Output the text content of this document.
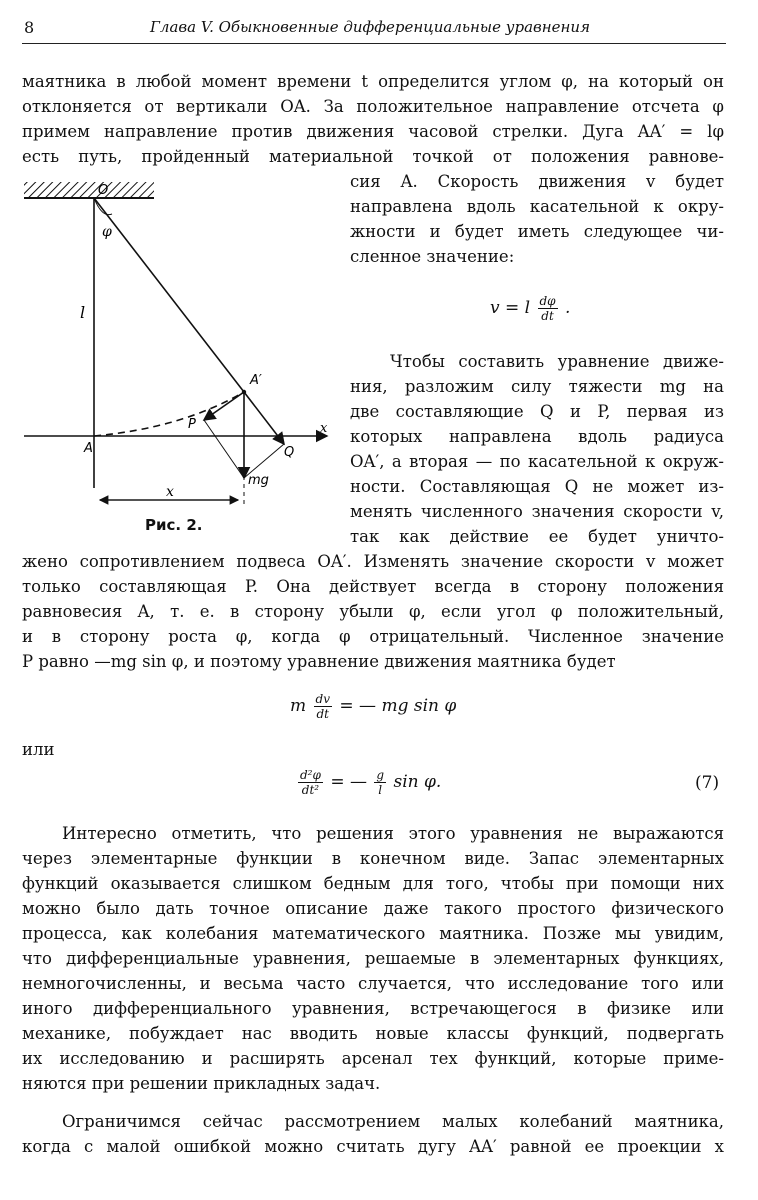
8	Глава V. Обыкновенные дифференциальные уравнения
маятника в любой момент времени t определится углом φ, на который он
отклоняется от вертикали OA. За положительное направление отсчета φ
примем направление против движения часовой стрелки. Дуга AA′ = lφ
есть путь, пройденный материальной точкой от положения равнове-
сия A. Скорость движения v будет
направлена вдоль касательной к окру-
жности и будет иметь следующее чи-
сленное значение:
v = l $\frac{d\varphi}{dt}$ .
Чтобы составить уравнение движе-
ния, разложим силу тяжести mg на
две составляющие Q и P, первая из
которых направлена вдоль радиуса
OA′, а вторая — по касательной к окруж-
ности. Составляющая Q не может из-
менять численного значения скорости v,
так как действие ее будет уничто-
O
φ
l
A′
P
A	Q
x
mg
x
Рис. 2.
жено сопротивлением подвеса OA′. Изменять значение скорости v может
только составляющая P. Она действует всегда в сторону положения
равновесия A, т. е. в сторону убыли φ, если угол φ положительный,
и в сторону роста φ, когда φ отрицательный. Численное значение
P равно —mg sin φ, и поэтому уравнение движения маятника будет
m $\frac{dv}{dt}$ = — mg sin φ
или
$\frac{\text{d²φ}}{\text{dt²}}$ = — $\frac{g}{l}$ sin φ.	(7)
Интересно отметить, что решения этого уравнения не выражаются
через элементарные функции в конечном виде. Запас элементарных
функций оказывается слишком бедным для того, чтобы при помощи них
можно было дать точное описание даже такого простого физического
процесса, как колебания математического маятника. Позже мы увидим,
что дифференциальные уравнения, решаемые в элементарных функциях,
немногочисленны, и весьма часто случается, что исследование того или
иного дифференциального уравнения, встречающегося в физике или
механике, побуждает нас вводить новые классы функций, подвергать
их исследованию и расширять арсенал тех функций, которые приме-
няются при решении прикладных задач.
Ограничимся сейчас рассмотрением малых колебаний маятника,
когда с малой ошибкой можно считать дугу AA′ равной ее проекции x
